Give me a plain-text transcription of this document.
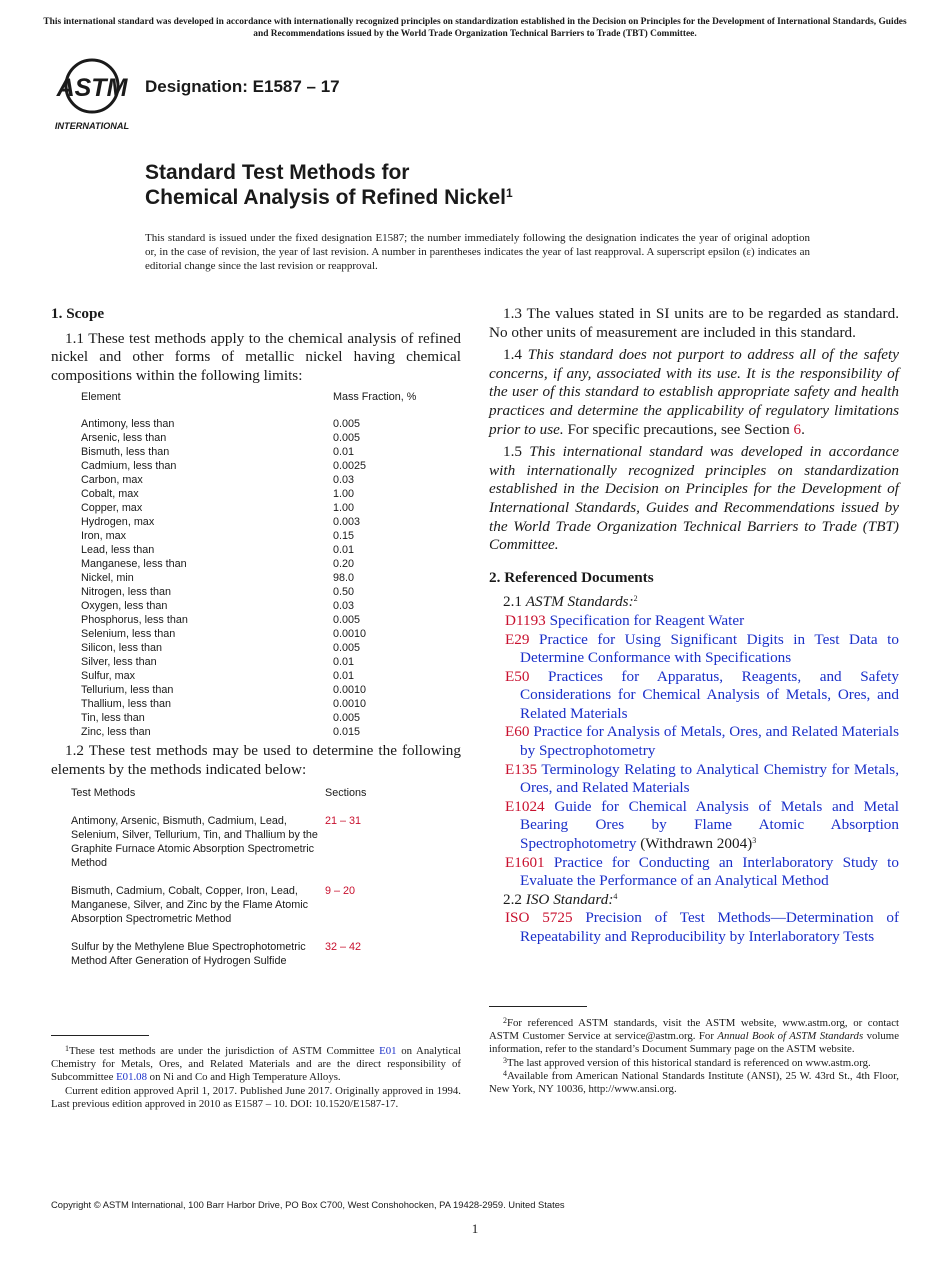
This international standard was developed in accordance with internationally recognized principles on standardization established in the Decision on Principles for the Development of International Standards, Guides and Recommendations issued by the World Trade Organization Technical Barriers to Trade (TBT) Committee.
ASTM
INTERNATIONAL
Designation: E1587 – 17
Standard Test Methods for
Chemical Analysis of Refined Nickel$^1$
This standard is issued under the fixed designation E1587; the number immediately following the designation indicates the year of original adoption or, in the case of revision, the year of last revision. A number in parentheses indicates the year of last reapproval. A superscript epsilon (ε) indicates an editorial change since the last revision or reapproval.
1. Scope

1.1 These test methods apply to the chemical analysis of refined nickel and other forms of metallic nickel having chemical compositions within the following limits:

Element	Mass Fraction, %
Antimony, less than	0.005
Arsenic, less than	0.005
Bismuth, less than	0.01
Cadmium, less than	0.0025
Carbon, max	0.03
Cobalt, max	1.00
Copper, max	1.00
Hydrogen, max	0.003
Iron, max	0.15
Lead, less than	0.01
Manganese, less than	0.20
Nickel, min	98.0
Nitrogen, less than	0.50
Oxygen, less than	0.03
Phosphorus, less than	0.005
Selenium, less than	0.0010
Silicon, less than	0.005
Silver, less than	0.01
Sulfur, max	0.01
Tellurium, less than	0.0010
Thallium, less than	0.0010
Tin, less than	0.005
Zinc, less than	0.015

1.2 These test methods may be used to determine the following elements by the methods indicated below:

Test Methods	Sections
Antimony, Arsenic, Bismuth, Cadmium, Lead, Selenium, Silver, Tellurium, Tin, and Thallium by the Graphite Furnace Atomic Absorption Spectrometric Method
21 – 31
Bismuth, Cadmium, Cobalt, Copper, Iron, Lead, Manganese, Silver, and Zinc by the Flame Atomic Absorption Spectrometric Method
9 – 20
Sulfur by the Methylene Blue Spectrophotometric Method After Generation of Hydrogen Sulfide
32 – 42

1.3 The values stated in SI units are to be regarded as standard. No other units of measurement are included in this standard.

1.4 This standard does not purport to address all of the safety concerns, if any, associated with its use. It is the responsibility of the user of this standard to establish appropriate safety and health practices and determine the applicability of regulatory limitations prior to use. For specific precautions, see Section 6.

1.5 This international standard was developed in accordance with internationally recognized principles on standardization established in the Decision on Principles for the Development of International Standards, Guides and Recommendations issued by the World Trade Organization Technical Barriers to Trade (TBT) Committee.

2. Referenced Documents

2.1 ASTM Standards:$^2$

D1193 Specification for Reagent Water

E29 Practice for Using Significant Digits in Test Data to Determine Conformance with Specifications

E50 Practices for Apparatus, Reagents, and Safety Considerations for Chemical Analysis of Metals, Ores, and Related Materials

E60 Practice for Analysis of Metals, Ores, and Related Materials by Spectrophotometry

E135 Terminology Relating to Analytical Chemistry for Metals, Ores, and Related Materials

E1024 Guide for Chemical Analysis of Metals and Metal Bearing Ores by Flame Atomic Absorption Spectrophotometry (Withdrawn 2004)$^3$

E1601 Practice for Conducting an Interlaboratory Study to Evaluate the Performance of an Analytical Method

2.2 ISO Standard:$^4$

ISO 5725 Precision of Test Methods—Determination of Repeatability and Reproducibility by Interlaboratory Tests

$^1$These test methods are under the jurisdiction of ASTM Committee E01 on Analytical Chemistry for Metals, Ores, and Related Materials and are the direct responsibility of Subcommittee E01.08 on Ni and Co and High Temperature Alloys.

Current edition approved April 1, 2017. Published June 2017. Originally approved in 1994. Last previous edition approved in 2010 as E1587 – 10. DOI: 10.1520/E1587-17.

$^2$For referenced ASTM standards, visit the ASTM website, www.astm.org, or contact ASTM Customer Service at service@astm.org. For Annual Book of ASTM Standards volume information, refer to the standard’s Document Summary page on the ASTM website.

$^3$The last approved version of this historical standard is referenced on www.astm.org.

$^4$Available from American National Standards Institute (ANSI), 25 W. 43rd St., 4th Floor, New York, NY 10036, http://www.ansi.org.

Copyright © ASTM International, 100 Barr Harbor Drive, PO Box C700, West Conshohocken, PA 19428-2959. United States
1
